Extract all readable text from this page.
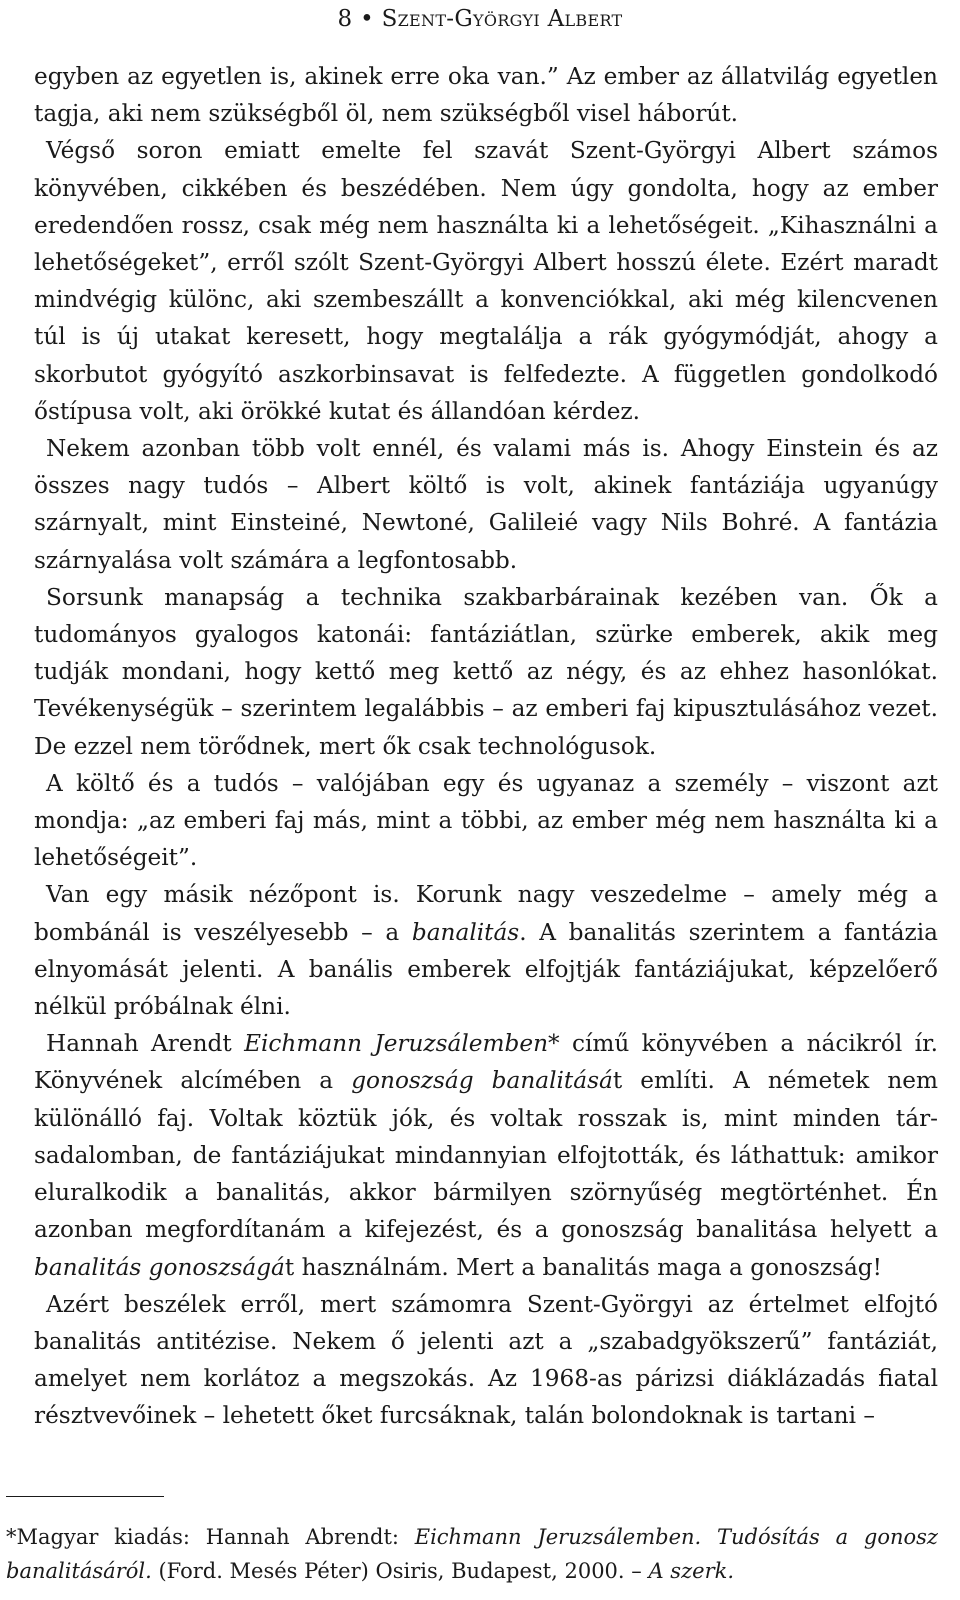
8 • Szent-Györgyi Albert

egyben az egyetlen is, akinek erre oka van.” Az ember az állatvilág egyetlen tagja, aki nem szükségből öl, nem szükségből visel háborút.

Végső soron emiatt emelte fel szavát Szent-Györgyi Albert számos könyvében, cikkében és beszédében. Nem úgy gondolta, hogy az ember eredendően rossz, csak még nem használta ki a lehetőségeit. „Kihasználni a lehetőségeket”, erről szólt Szent-Györgyi Albert hosszú élete. Ezért maradt mindvégig különc, aki szembeszállt a konvenciókkal, aki még kilencvenen túl is új utakat keresett, hogy megtalálja a rák gyógymódját, ahogy a skorbutot gyógyító aszkorbinsavat is felfedezte. A független gondolkodó őstípusa volt, aki örökké kutat és állandóan kérdez.

Nekem azonban több volt ennél, és valami más is. Ahogy Einstein és az összes nagy tudós – Albert költő is volt, akinek fantáziája ugyanúgy szárnyalt, mint Einsteiné, Newtoné, Galileié vagy Nils Bohré. A fantázia szárnyalása volt számára a legfontosabb.

Sorsunk manapság a technika szakbarbárainak kezében van. Ők a tudományos gyalogos katonái: fantáziátlan, szürke emberek, akik meg tudják mondani, hogy kettő meg kettő az négy, és az ehhez hasonlókat. Tevékenységük – szerintem legalábbis – az emberi faj kipusztulásához vezet. De ezzel nem törődnek, mert ők csak technológusok.

A költő és a tudós – valójában egy és ugyanaz a személy – viszont azt mondja: „az emberi faj más, mint a többi, az ember még nem használta ki a lehetőségeit”.

Van egy másik nézőpont is. Korunk nagy veszedelme – amely még a bombánál is veszélyesebb – a banalitás. A banalitás szerintem a fantázia elnyomását jelenti. A banális emberek elfojtják fantáziájukat, képzelőerő nélkül próbálnak élni.

Hannah Arendt Eichmann Jeruzsálemben* című könyvében a nácikról ír. Könyvének alcímében a gonoszság banalitását említi. A németek nem különálló faj. Voltak köztük jók, és voltak rosszak is, mint minden társadalomban, de fantáziájukat mindannyian elfojtották, és láthattuk: amikor eluralkodik a banalitás, akkor bármilyen szörnyűség megtörténhet. Én azonban megfordítanám a kifejezést, és a gonoszság banalitása helyett a banalitás gonoszságát használnám. Mert a banalitás maga a gonoszság!

Azért beszélek erről, mert számomra Szent-Györgyi az értelmet elfojtó banalitás antitézise. Nekem ő jelenti azt a „szabadgyökszerű” fantáziát, amelyet nem korlátoz a megszokás. Az 1968-as párizsi diáklázadás fiatal résztvevőinek – lehetett őket furcsáknak, talán bolondoknak is tartani –

*Magyar kiadás: Hannah Abrendt: Eichmann Jeruzsálemben. Tudósítás a gonosz banalitásáról. (Ford. Mesés Péter) Osiris, Budapest, 2000. – A szerk.
